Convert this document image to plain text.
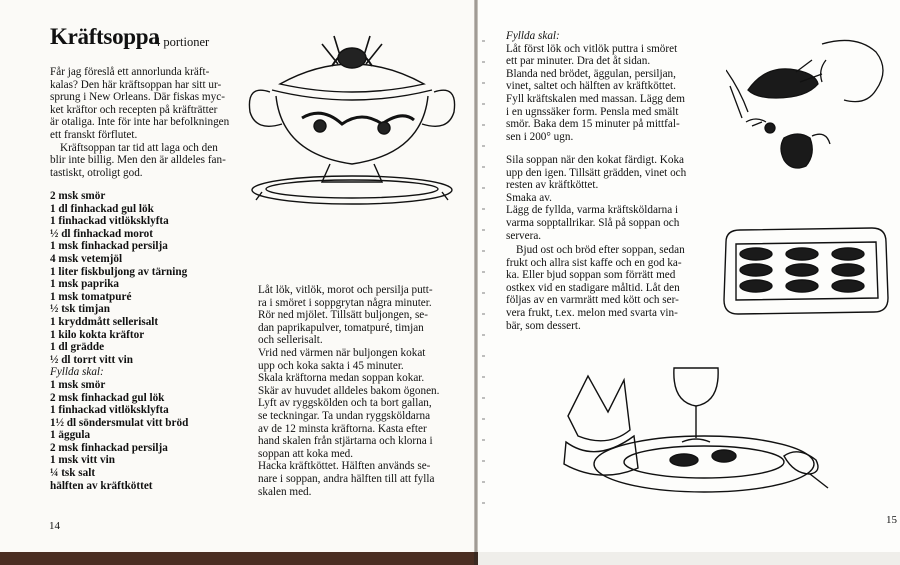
Kräftsoppa
4 portioner

Får jag föreslå ett annorlunda kräft-

kalas? Den här kräftsoppan har sitt ur-

sprung i New Orleans. Där fiskas myc-

ket kräftor och recepten på kräfträtter

är otaliga. Inte för inte har befolkningen

ett franskt förflutet.

Kräftsoppan tar tid att laga och den

blir inte billig. Men den är alldeles fan-

tastiskt, otroligt god.

2 msk smör
1 dl finhackad gul lök
1 finhackad vitlöksklyfta
½ dl finhackad morot
1 msk finhackad persilja
4 msk vetemjöl
1 liter fiskbuljong av tärning
1 msk paprika
1 msk tomatpuré
½ tsk timjan
1 kryddmått sellerisalt
1 kilo kokta kräftor
1 dl grädde
½ dl torrt vitt vin
Fyllda skal:
1 msk smör
2 msk finhackad gul lök
1 finhackad vitlöksklyfta
1½ dl söndersmulat vitt bröd
1 äggula
2 msk finhackad persilja
1 msk vitt vin
¼ tsk salt
hälften av kräftköttet

Låt lök, vitlök, morot och persilja putt-

ra i smöret i soppgrytan några minuter.

Rör ned mjölet. Tillsätt buljongen, se-

dan paprikapulver, tomatpuré, timjan

och sellerisalt.

Vrid ned värmen när buljongen kokat

upp och koka sakta i 45 minuter.

Skala kräftorna medan soppan kokar.

Skär av huvudet alldeles bakom ögonen.

Lyft av ryggskölden och ta bort gallan,

se teckningar. Ta undan ryggsköldarna

av de 12 minsta kräftorna. Kasta efter

hand skalen från stjärtarna och klorna i

soppan att koka med.

Hacka kräftköttet. Hälften används se-

nare i soppan, andra hälften till att fylla

skalen med.

14

Fyllda skal:

Låt först lök och vitlök puttra i smöret

ett par minuter. Dra det åt sidan.

Blanda ned brödet, äggulan, persiljan,

vinet, saltet och hälften av kräftköttet.

Fyll kräftskalen med massan. Lägg dem

i en ugnssäker form. Pensla med smält

smör. Baka dem 15 minuter på mittfal-

sen i 200° ugn.

Sila soppan när den kokat färdigt. Koka

upp den igen. Tillsätt grädden, vinet och

resten av kräftköttet.

Smaka av.

Lägg de fyllda, varma kräftsköldarna i

varma sopptallrikar. Slå på soppan och

servera.

Bjud ost och bröd efter soppan, sedan

frukt och allra sist kaffe och en god ka-

ka. Eller bjud soppan som förrätt med

ostkex vid en stadigare måltid. Låt den

följas av en varmrätt med kött och ser-

vera frukt, t.ex. melon med svarta vin-

bär, som dessert.

15
